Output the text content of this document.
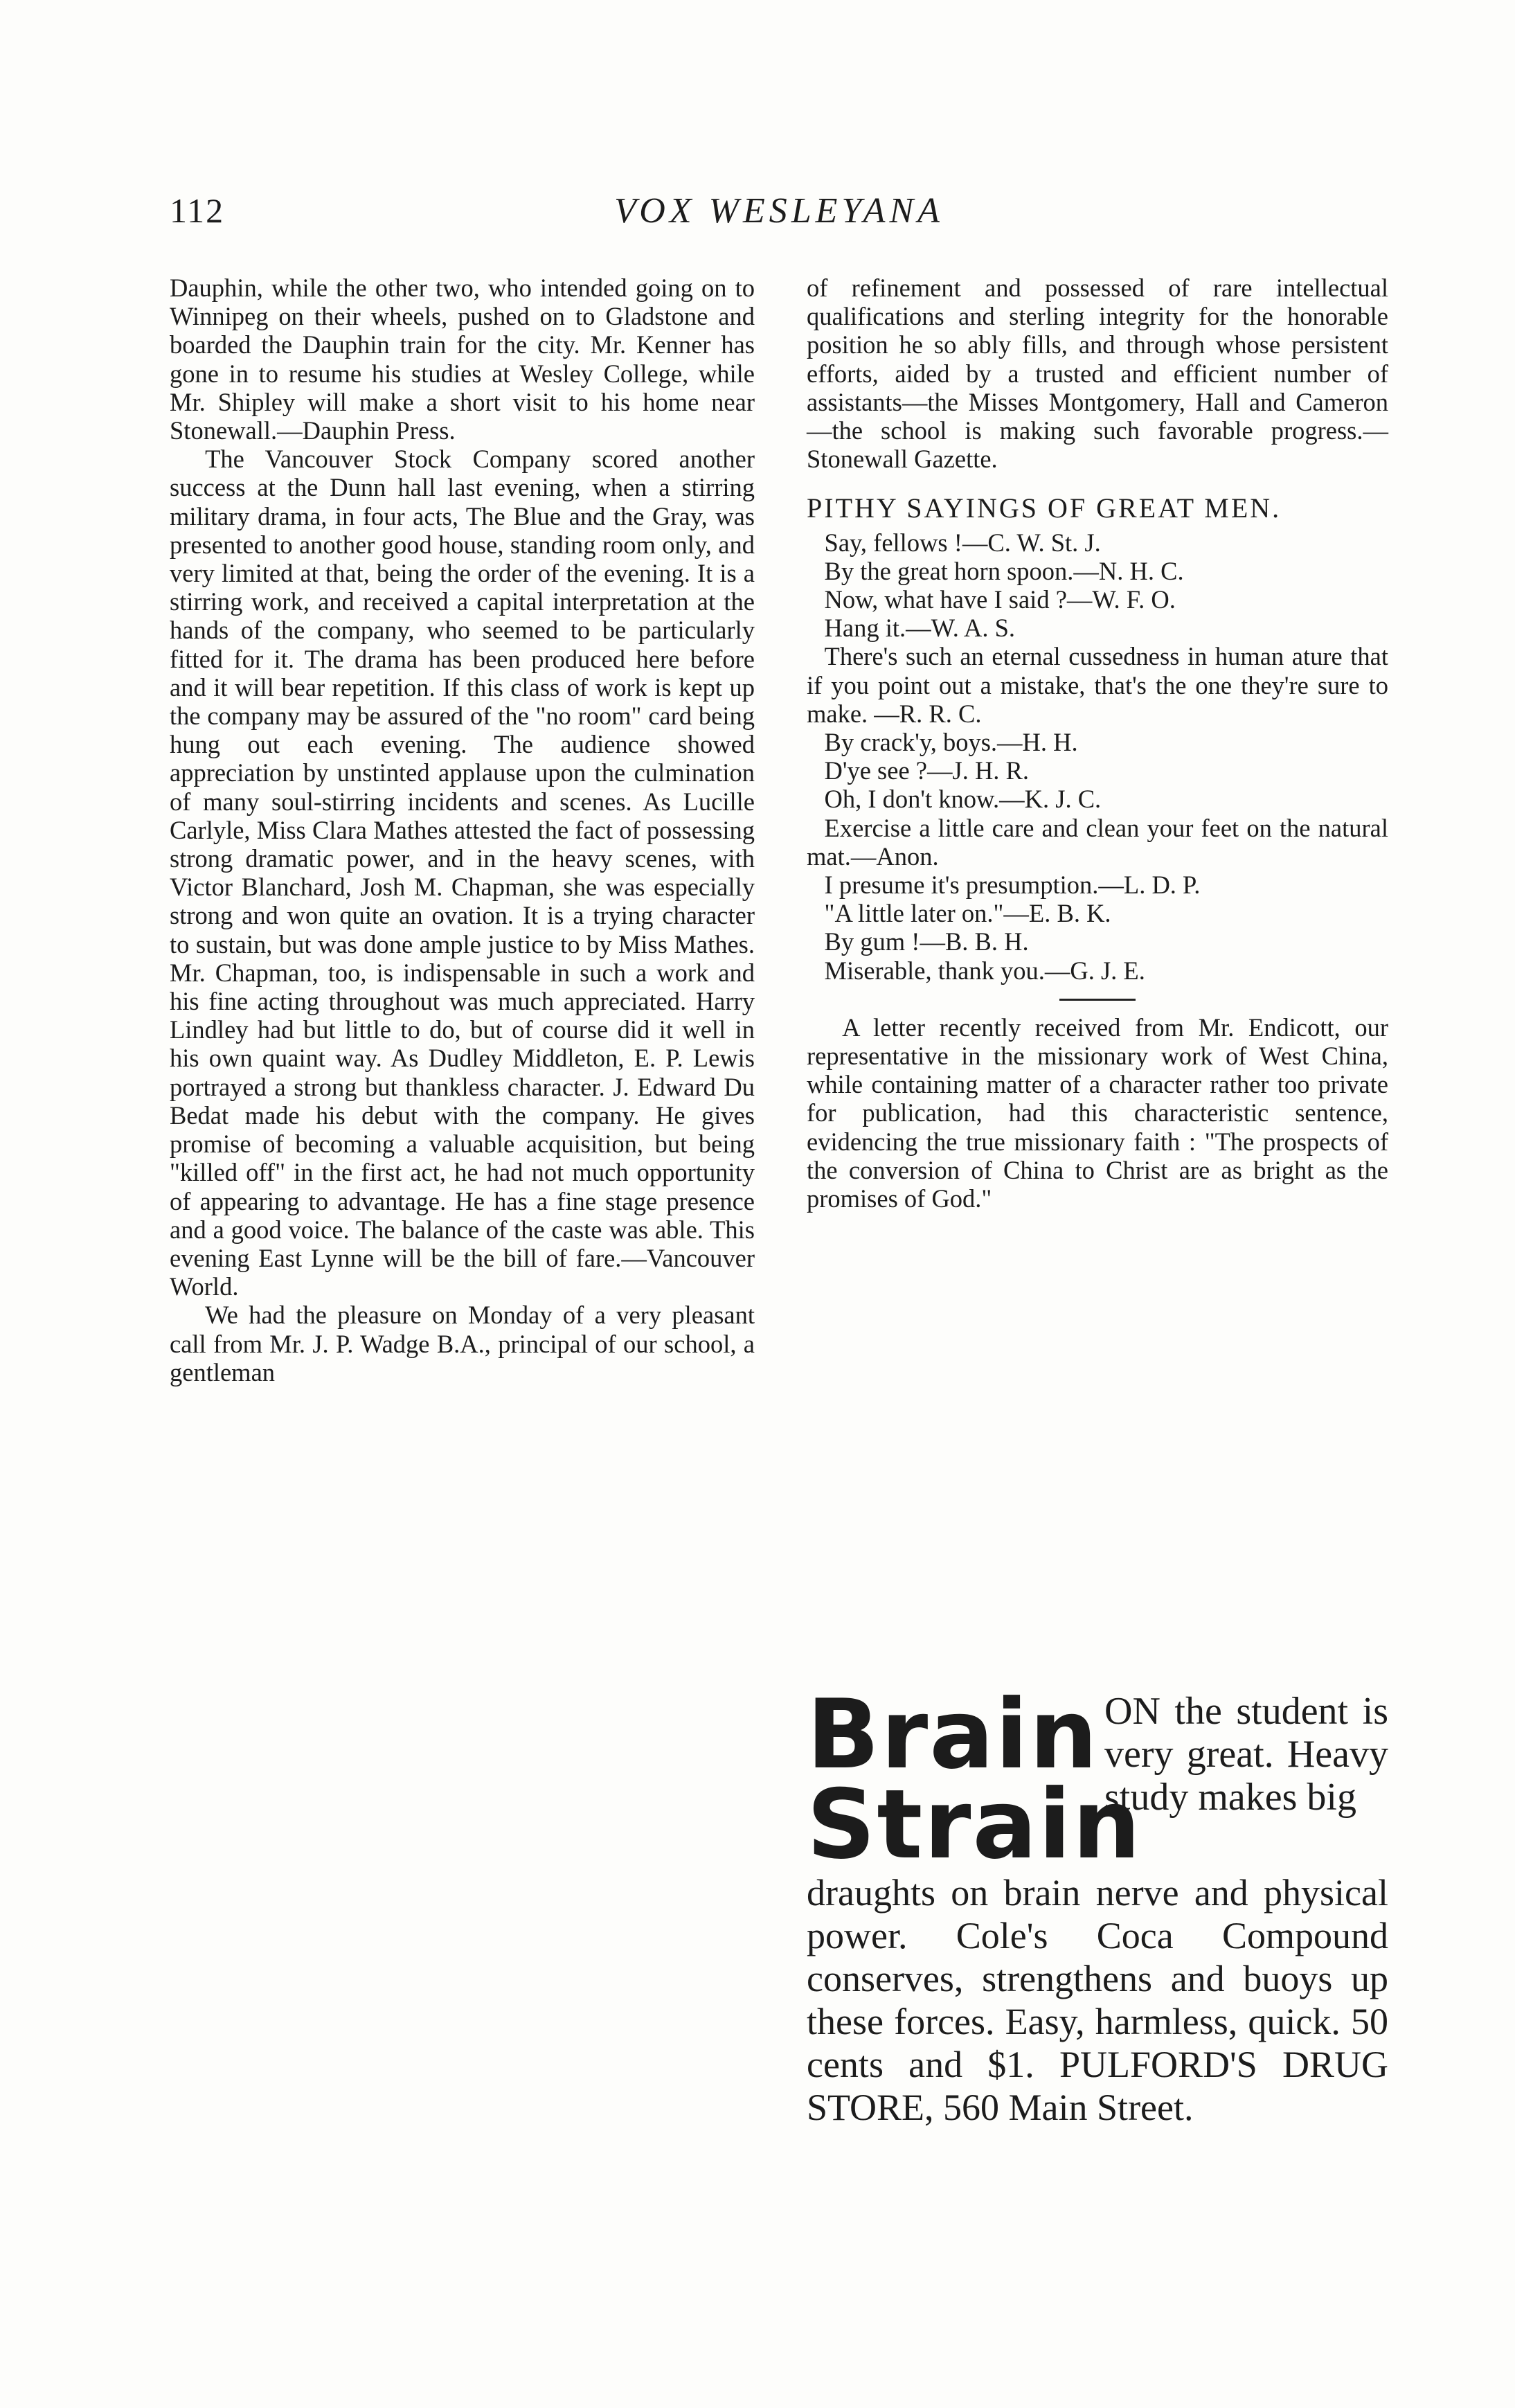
112	VOX WESLEYANA

Dauphin, while the other two, who intended going on to Winnipeg on their wheels, pushed on to Gladstone and boarded the Dauphin train for the city. Mr. Kenner has gone in to resume his studies at Wesley College, while Mr. Shipley will make a short visit to his home near Stonewall.—Dauphin Press.

The Vancouver Stock Company scored another success at the Dunn hall last evening, when a stirring military drama, in four acts, The Blue and the Gray, was presented to another good house, standing room only, and very limited at that, being the order of the evening. It is a stirring work, and received a capital interpretation at the hands of the company, who seemed to be particularly fitted for it. The drama has been produced here before and it will bear repetition. If this class of work is kept up the company may be assured of the "no room" card being hung out each evening. The audience showed appreciation by unstinted applause upon the culmination of many soul-stirring incidents and scenes. As Lucille Carlyle, Miss Clara Mathes attested the fact of possessing strong dramatic power, and in the heavy scenes, with Victor Blanchard, Josh M. Chapman, she was especially strong and won quite an ovation. It is a trying character to sustain, but was done ample justice to by Miss Mathes. Mr. Chapman, too, is indispensable in such a work and his fine acting throughout was much appreciated. Harry Lindley had but little to do, but of course did it well in his own quaint way. As Dudley Middleton, E. P. Lewis portrayed a strong but thankless character. J. Edward Du Bedat made his debut with the company. He gives promise of becoming a valuable acquisition, but being "killed off" in the first act, he had not much opportunity of appearing to advantage. He has a fine stage presence and a good voice. The balance of the caste was able. This evening East Lynne will be the bill of fare.—Vancouver World.

We had the pleasure on Monday of a very pleasant call from Mr. J. P. Wadge B.A., principal of our school, a gentleman

of refinement and possessed of rare intellectual qualifications and sterling integrity for the honorable position he so ably fills, and through whose persistent efforts, aided by a trusted and efficient number of assistants—the Misses Montgomery, Hall and Cameron—the school is making such favorable progress.—Stonewall Gazette.

PITHY SAYINGS OF GREAT MEN.
Say, fellows !—C. W. St. J.
By the great horn spoon.—N. H. C.
Now, what have I said ?—W. F. O.
Hang it.—W. A. S.
There's such an eternal cussedness in human ature that if you point out a mistake, that's the one they're sure to make. —R. R. C.
By crack'y, boys.—H. H.
D'ye see ?—J. H. R.
Oh, I don't know.—K. J. C.
Exercise a little care and clean your feet on the natural mat.—Anon.
I presume it's presumption.—L. D. P.
"A little later on."—E. B. K.
By gum !—B. B. H.
Miserable, thank you.—G. J. E.

A letter recently received from Mr. Endicott, our representative in the missionary work of West China, while containing matter of a character rather too private for publication, had this characteristic sentence, evidencing the true missionary faith : "The prospects of the conversion of China to Christ are as bright as the promises of God."

Brain
Strain
ON the student is very great. Heavy study makes big
draughts on brain nerve and physical power. Cole's Coca Compound conserves, strengthens and buoys up these forces. Easy, harmless, quick. 50 cents and $1. PULFORD'S DRUG STORE, 560 Main Street.
